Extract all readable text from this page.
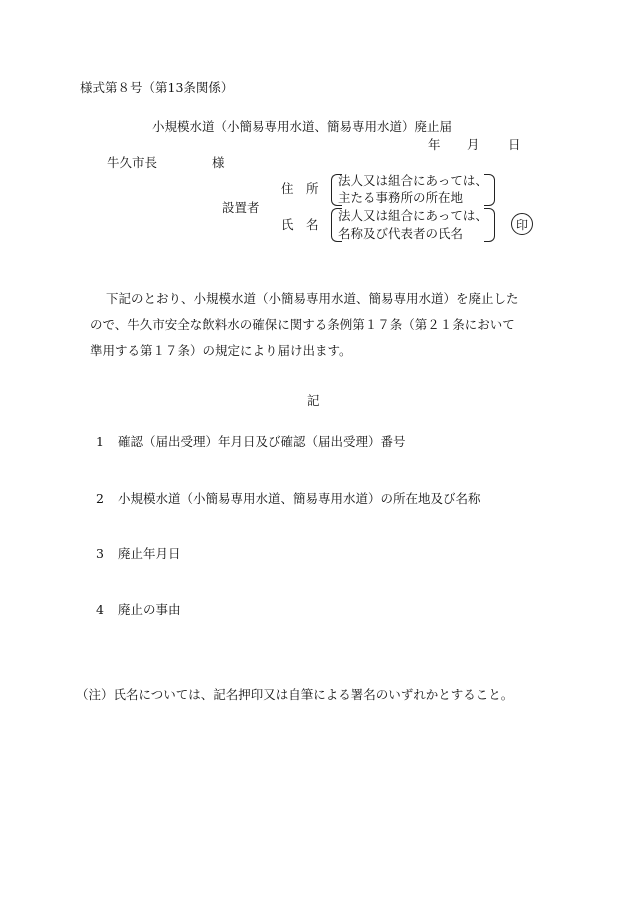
様式第８号（第13条関係）
小規模水道（小簡易専用水道、簡易専用水道）廃止届
年 月 日
牛久市長	様
設置者
住　所
法人又は組合にあっては、
主たる事務所の所在地
氏　名
法人又は組合にあっては、
名称及び代表者の氏名
印

下記のとおり、小規模水道（小簡易専用水道、簡易専用水道）を廃止した

ので、牛久市安全な飲料水の確保に関する条例第１７条（第２１条において

準用する第１７条）の規定により届け出ます。

記
1 確認（届出受理）年月日及び確認（届出受理）番号
2 小規模水道（小簡易専用水道、簡易専用水道）の所在地及び名称
3 廃止年月日
4 廃止の事由
（注）氏名については、記名押印又は自筆による署名のいずれかとすること。
